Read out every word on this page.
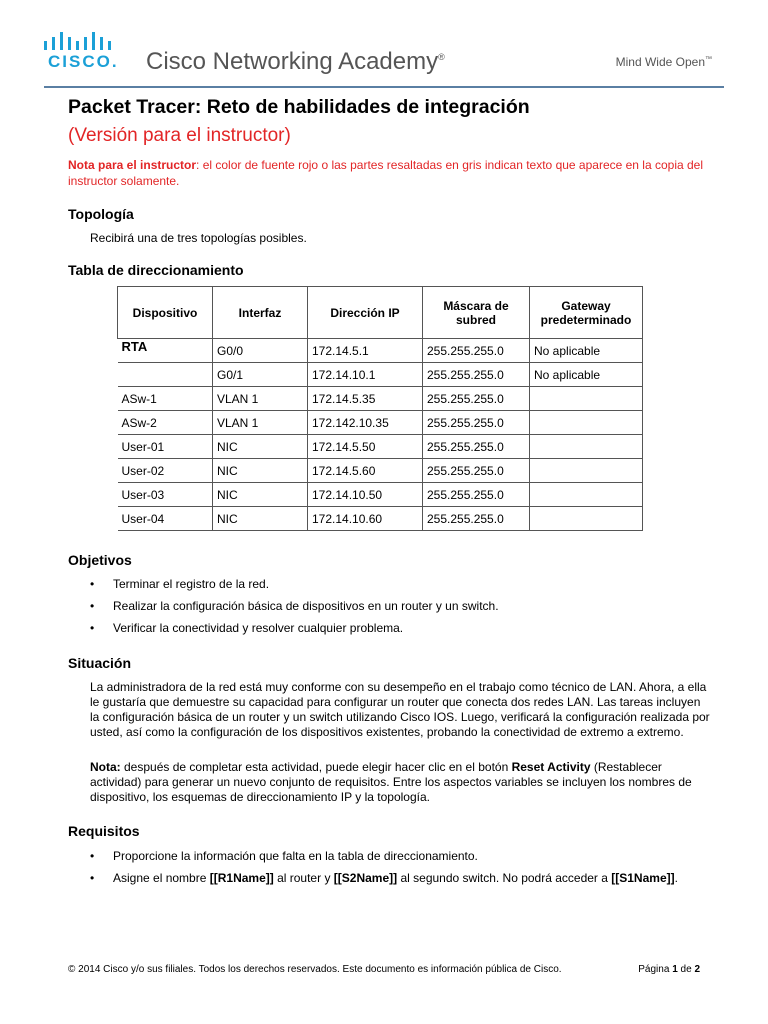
CISCO. Cisco Networking Academy®	Mind Wide Open™
Packet Tracer: Reto de habilidades de integración
(Versión para el instructor)
Nota para el instructor: el color de fuente rojo o las partes resaltadas en gris indican texto que aparece en la copia del instructor solamente.
Topología
Recibirá una de tres topologías posibles.
Tabla de direccionamiento
Dispositivo	Interfaz	Dirección IP	Máscara de subred	Gateway predeterminado
RTA	G0/0	172.14.5.1	255.255.255.0	No aplicable
	G0/1	172.14.10.1	255.255.255.0	No aplicable
ASw-1	VLAN 1	172.14.5.35	255.255.255.0	
ASw-2	VLAN 1	172.142.10.35	255.255.255.0	
User-01	NIC	172.14.5.50	255.255.255.0	
User-02	NIC	172.14.5.60	255.255.255.0	
User-03	NIC	172.14.10.50	255.255.255.0	
User-04	NIC	172.14.10.60	255.255.255.0	
Objetivos
• Terminar el registro de la red.
• Realizar la configuración básica de dispositivos en un router y un switch.
• Verificar la conectividad y resolver cualquier problema.
Situación
La administradora de la red está muy conforme con su desempeño en el trabajo como técnico de LAN. Ahora, a ella le gustaría que demuestre su capacidad para configurar un router que conecta dos redes LAN. Las tareas incluyen la configuración básica de un router y un switch utilizando Cisco IOS. Luego, verificará la configuración realizada por usted, así como la configuración de los dispositivos existentes, probando la conectividad de extremo a extremo.
Nota: después de completar esta actividad, puede elegir hacer clic en el botón Reset Activity (Restablecer actividad) para generar un nuevo conjunto de requisitos. Entre los aspectos variables se incluyen los nombres de dispositivo, los esquemas de direccionamiento IP y la topología.
Requisitos
• Proporcione la información que falta en la tabla de direccionamiento.
• Asigne el nombre [[R1Name]] al router y [[S2Name]] al segundo switch. No podrá acceder a [[S1Name]].
© 2014 Cisco y/o sus filiales. Todos los derechos reservados. Este documento es información pública de Cisco.	Página 1 de 2
